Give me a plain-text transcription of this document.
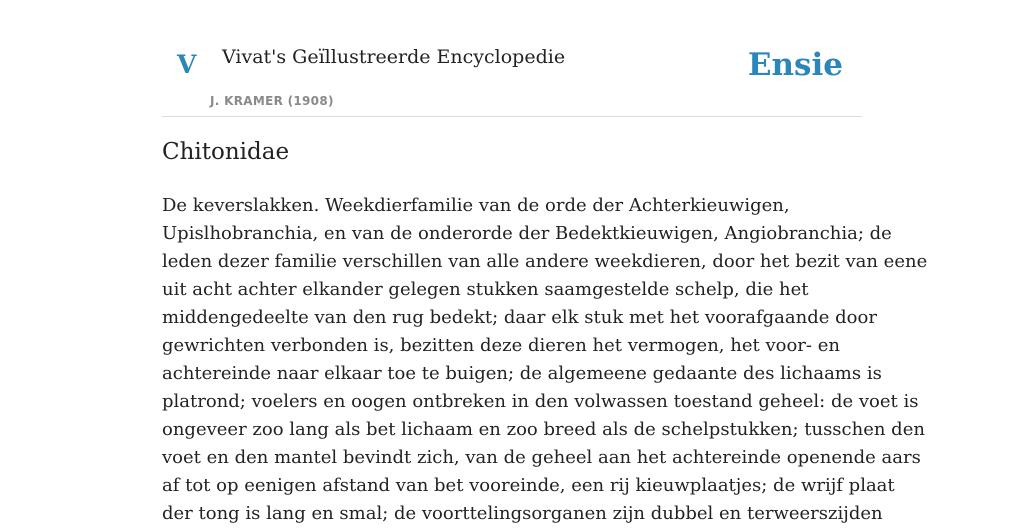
V Vivat's Geïllustreerde Encyclopedie
J. KRAMER (1908)
Ensie
Chitonidae

De keverslakken. Weekdierfamilie van de orde der Achterkieuwigen,
Upislhobranchia, en van de onderorde der Bedektkieuwigen, Angiobranchia; de
leden dezer familie verschillen van alle andere weekdieren, door het bezit van eene
uit acht achter elkander gelegen stukken saamgestelde schelp, die het
middengedeelte van den rug bedekt; daar elk stuk met het voorafgaande door
gewrichten verbonden is, bezitten deze dieren het vermogen, het voor- en
achtereinde naar elkaar toe te buigen; de algemeene gedaante des lichaams is
platrond; voelers en oogen ontbreken in den volwassen toestand geheel: de voet is
ongeveer zoo lang als bet lichaam en zoo breed als de schelpstukken; tusschen den
voet en den mantel bevindt zich, van de geheel aan het achtereinde openende aars
af tot op eenigen afstand van bet vooreinde, een rij kieuwplaatjes; de wrijf plaat
der tong is lang en smal; de voorttelingsorganen zijn dubbel en terweerszijden
